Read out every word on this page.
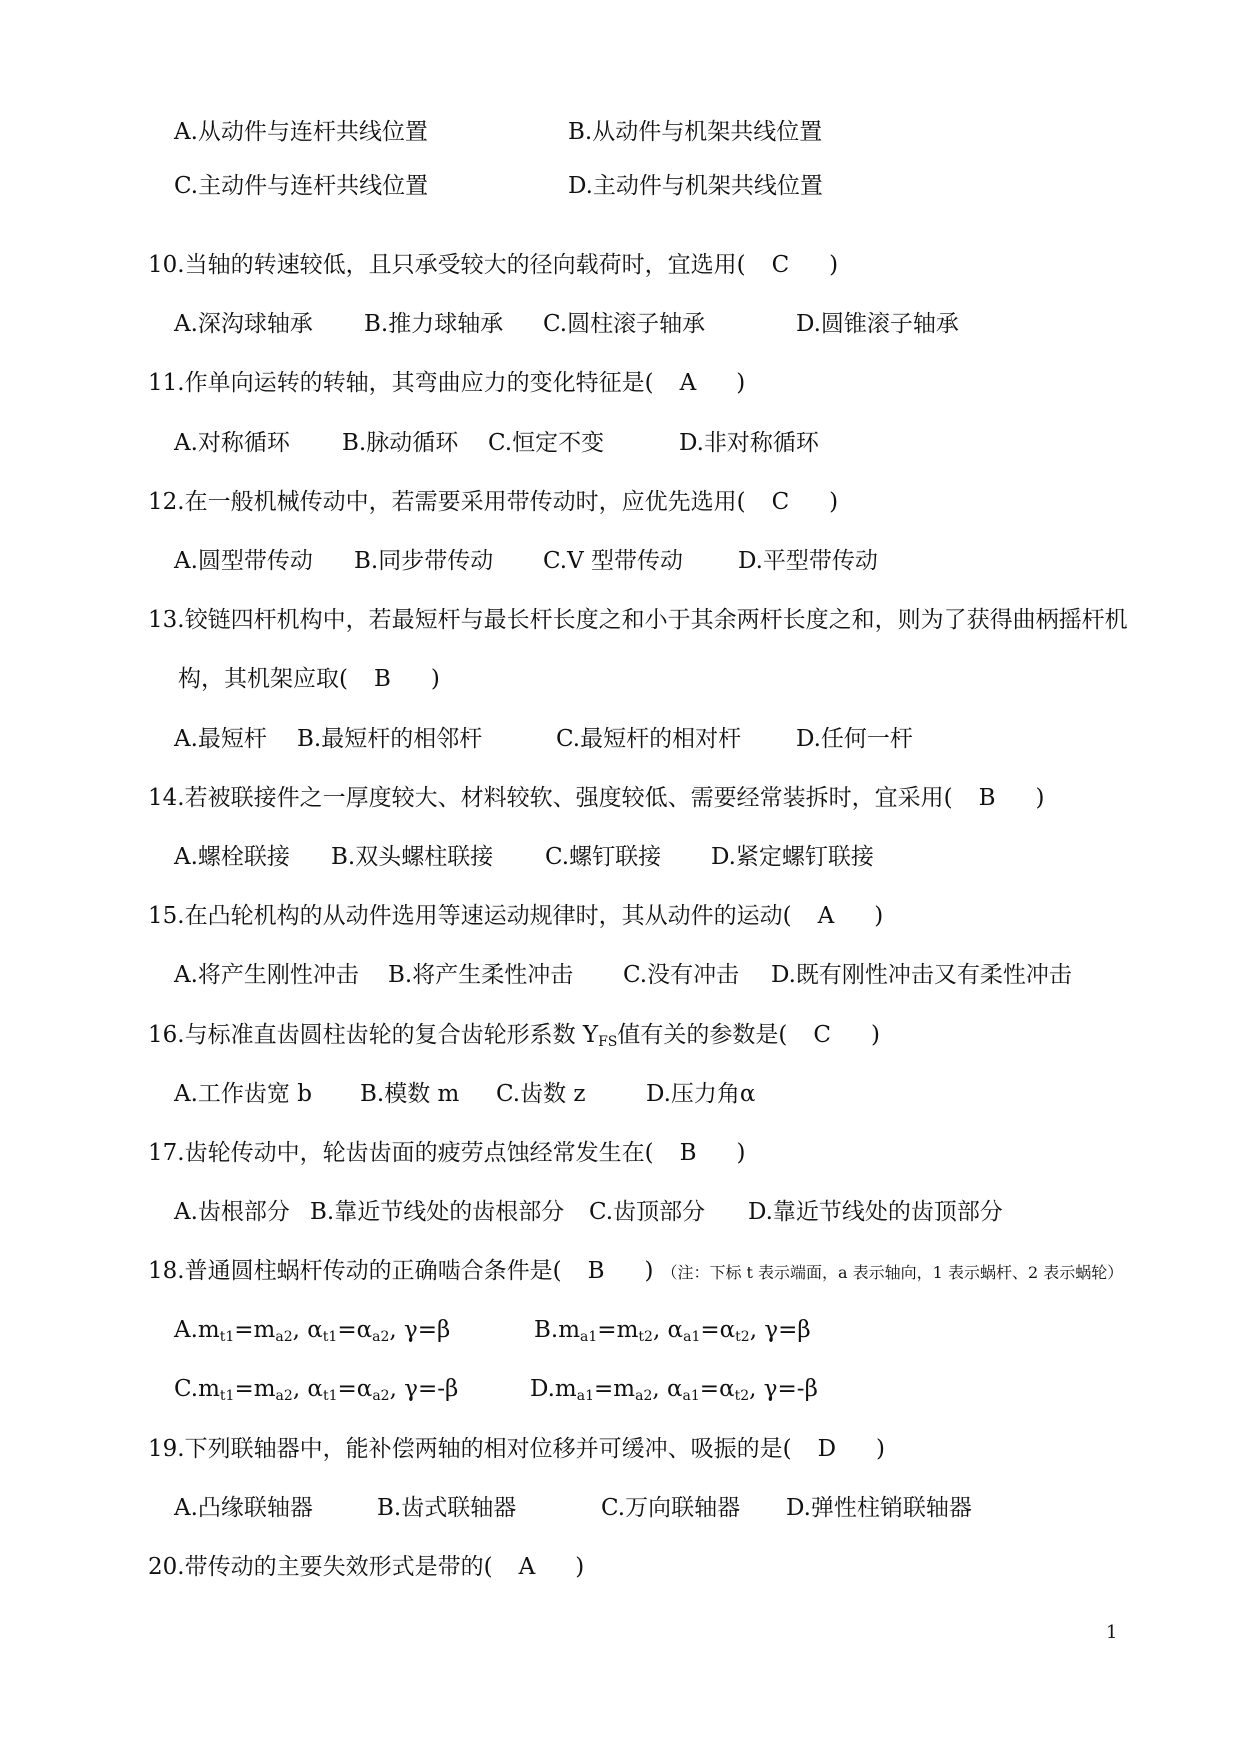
A.从动件与连杆共线位置	B.从动件与机架共线位置
C.主动件与连杆共线位置	D.主动件与机架共线位置
10.当轴的转速较低，且只承受较大的径向载荷时，宜选用( C )
A.深沟球轴承 B.推力球轴承 C.圆柱滚子轴承	D.圆锥滚子轴承
11.作单向运转的转轴，其弯曲应力的变化特征是( A )
A.对称循环 B.脉动循环 C.恒定不变	D.非对称循环
12.在一般机械传动中，若需要采用带传动时，应优先选用( C )
A.圆型带传动 B.同步带传动 C.V 型带传动 D.平型带传动
13.铰链四杆机构中，若最短杆与最长杆长度之和小于其余两杆长度之和，则为了获得曲柄摇杆机
构，其机架应取( B )
A.最短杆 B.最短杆的相邻杆	C.最短杆的相对杆 D.任何一杆
14.若被联接件之一厚度较大、材料较软、强度较低、需要经常装拆时，宜采用( B )
A.螺栓联接 B.双头螺柱联接 C.螺钉联接 D.紧定螺钉联接
15.在凸轮机构的从动件选用等速运动规律时，其从动件的运动( A )
A.将产生刚性冲击 B.将产生柔性冲击 C.没有冲击 D.既有刚性冲击又有柔性冲击
16.与标准直齿圆柱齿轮的复合齿轮形系数 $Y_{FS}$值有关的参数是( C )
A.工作齿宽 b B.模数 m C.齿数 z	D.压力角α
17.齿轮传动中，轮齿齿面的疲劳点蚀经常发生在( B )
A.齿根部分 B.靠近节线处的齿根部分 C.齿顶部分 D.靠近节线处的齿顶部分
18.普通圆柱蜗杆传动的正确啮合条件是( B ) （注：下标 t 表示端面，a 表示轴向，1 表示蜗杆、2 表示蜗轮）
$A.m_{t1}=m_{a2}$, $\alpha_{t1}=\alpha_{a2}$, γ=β	$B.m_{a1}=m_{t2}$, $\alpha_{a1}=\alpha_{t2}$, γ=β
$C.m_{t1}=m_{a2}$, $\alpha_{t1}=\alpha_{a2}$, γ=-β	$D.m_{a1}=m_{a2}$, $\alpha_{a1}=\alpha_{t2}$, γ=-β
19.下列联轴器中，能补偿两轴的相对位移并可缓冲、吸振的是( D )
A.凸缘联轴器	B.齿式联轴器	C.万向联轴器 D.弹性柱销联轴器
20.带传动的主要失效形式是带的( A )
1
